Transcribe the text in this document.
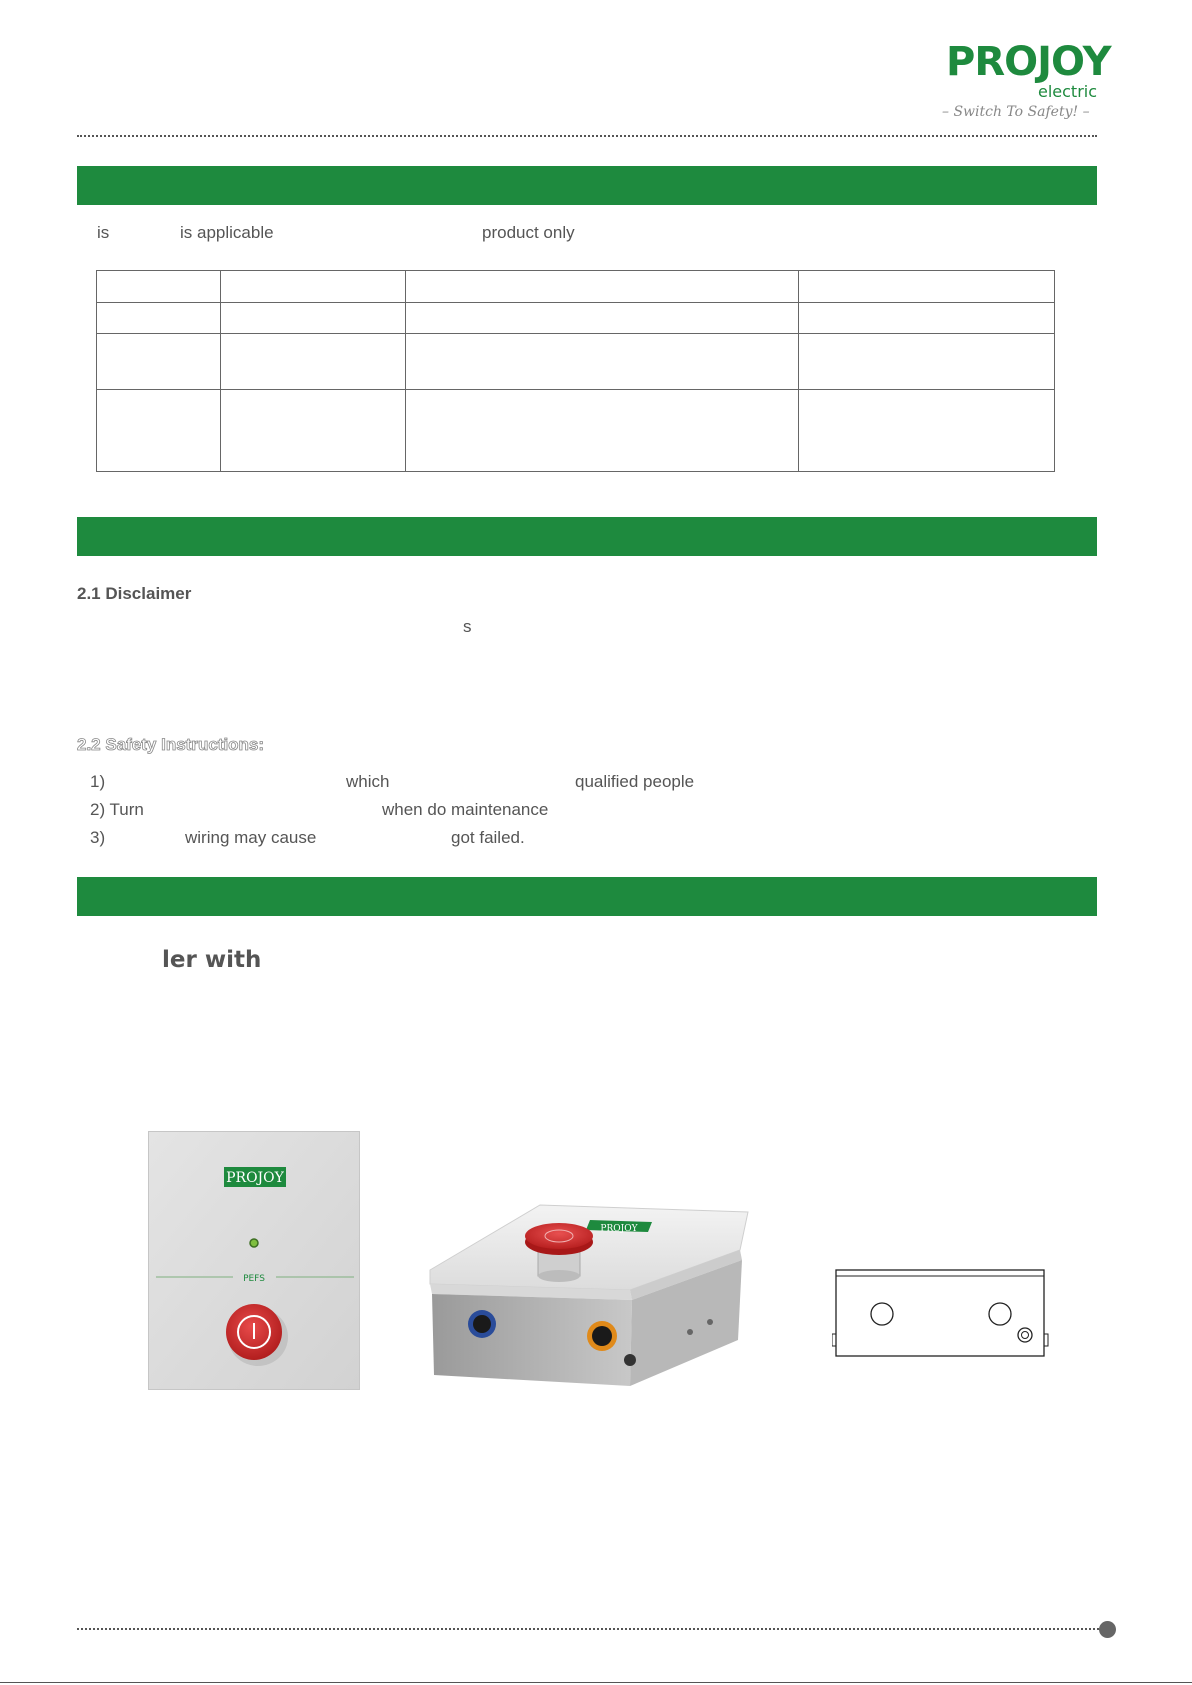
PROJOY
electric
– Switch To Safety! –
is	is applicable	product only

2.1 Disclaimer
s
2.2 Safety Instructions:
1)	which	qualified people
2) Turn	when do maintenance
3)	wiring may cause	got failed.
ler with
PROJOY
PEFS
PROJOY
